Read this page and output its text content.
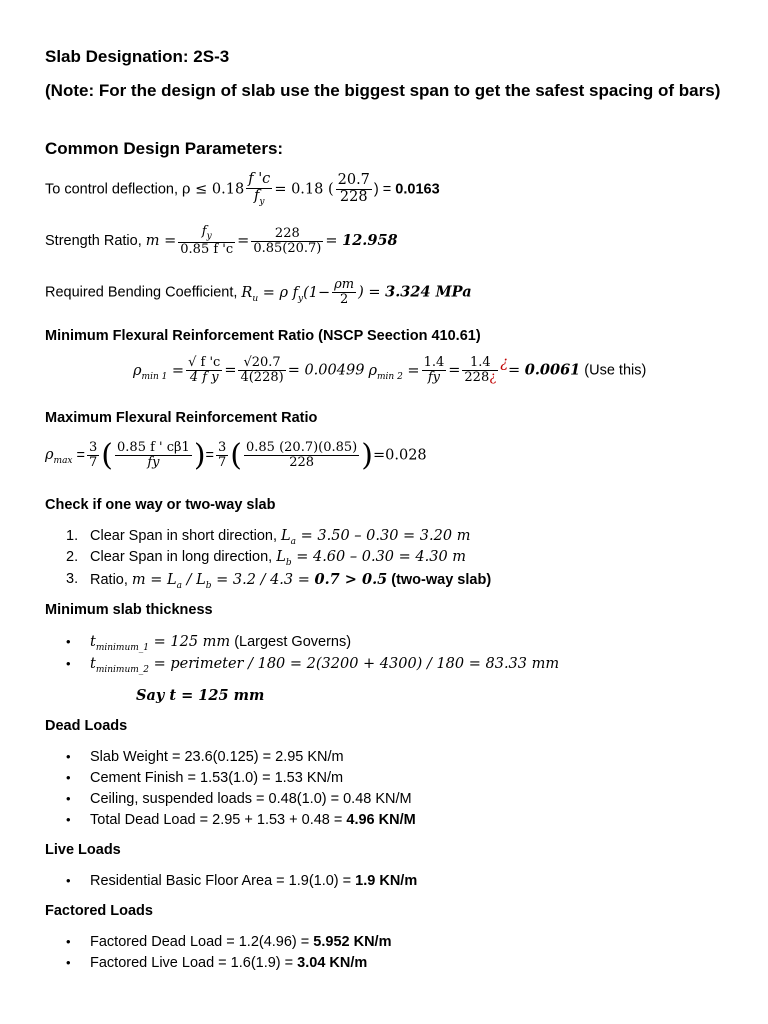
Slab Designation: 2S-3
(Note: For the design of slab use the biggest span to get the safest spacing of bars)
Common Design Parameters:
To control deflection, $\rho \le 0.18 \frac{f 'c}{f_y} = 0.18$ ( $\frac{20.7}{228}$ ) = 0.0163
Strength Ratio, $m = \frac{f_y}{0.85 f 'c} = \frac{228}{0.85(20.7)} = 12.958$
Required Bending Coefficient, $R_u = \rho$ $f_y(1- \frac{\rho m}{2}$ ) = 3.324 MPa
Minimum Flexural Reinforcement Ratio (NSCP Seection 410.61)
$\rho_{min 1} = \frac{√ f 'c}{\text{4 f y}} = \frac{√20.7}{4(228)} = 0.00499$ $\rho_{min 2} = \frac{1.4}{fy} = \frac{1.4}{228¿}$ ¿= 0.0061 (Use this)
Maximum Flexural Reinforcement Ratio
$\rho_{max} = \frac{3}{7}$ ( $\frac{0.85 f ' c\beta 1}{fy}$ )= $\frac{3}{7}$ ( $\frac{0.85 (20.7)(0.85)}{228} )=0.028$
Check if one way or two-way slab
1. Clear Span in short direction, $L_a = 3.50 - 0.30 = 3.20$ m
2. Clear Span in long direction, $L_b = 4.60 - 0.30 = 4.30$ m
3. Ratio, $m = L_a / L_b = 3.2 / 4.3 = 0.7 > 0.5$ (two-way slab)
Minimum slab thickness
• $t_{minimum\_1} = 125$ mm (Largest Governs)
• $t_{minimum\_2}$ = perimeter / 180 = 2(3200 + 4300) / 180 = 83.33 mm
Say t = 125 mm
Dead Loads
• Slab Weight = 23.6(0.125) = 2.95 KN/m
• Cement Finish = 1.53(1.0) = 1.53 KN/m
• Ceiling, suspended loads = 0.48(1.0) = 0.48 KN/M
• Total Dead Load = 2.95 + 1.53 + 0.48 = 4.96 KN/M
Live Loads
• Residential Basic Floor Area = 1.9(1.0) = 1.9 KN/m
Factored Loads
• Factored Dead Load = 1.2(4.96) = 5.952 KN/m
• Factored Live Load = 1.6(1.9) = 3.04 KN/m
